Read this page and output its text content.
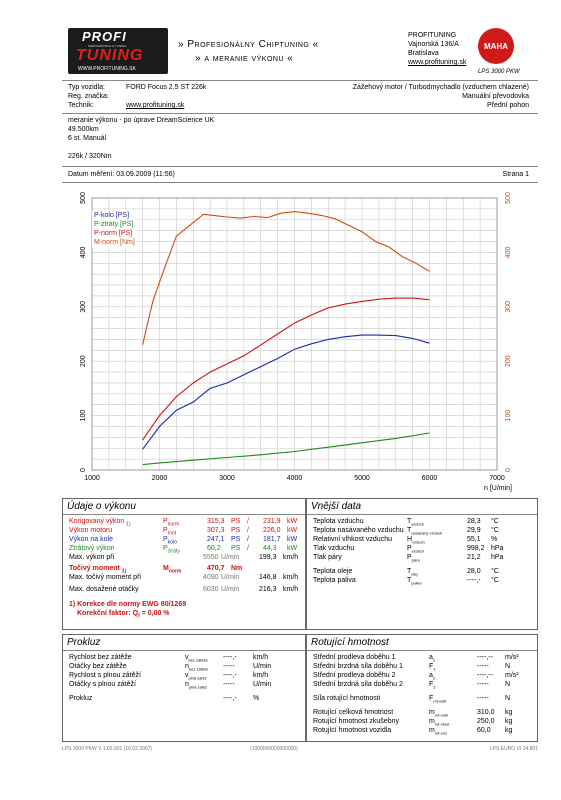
PROFI
PERFORMANCE & TUNING
TUNING
WWW.PROFITUNING.SK
» Profesionálny Chiptuning «
» a meranie výkonu «
PROFITUNING
Vajnorská 136/A
Bratislava
www.profituning.sk
MAHA
LPS 3000 PKW
Typ vozidla:	FORD Focus 2.5 ST 226k
Reg. značka:
Technik:	www.profituning.sk
Zážehový motor / Turbodmychadlo (vzduchem chlazené)
Manuální převodovka
Přední pohon
meranie výkonu - po úprave DreamScience UK
49.500km
6 st. Manuál
226k / 320Nm
Datum měření: 03.09.2009 (11:56)	Strana 1
1000	2000	3000	4000	5000	6000	7000
0
100
200
300
400
500
0
100
200
300
400
500
P-kolo [PS]
P-ztráty [PS]
P-norm [PS]
M-norm [Nm]
n [U/min]
Údaje o výkonu
Korigovaný výkon $_{1)}$	$P_{norm}$	315,3 PS / 231,9 kW
Výkon motoru	$P_{mot}$	307,3 PS / 226,0 kW
Výkon na kole	$P_{kolo}$	247,1 PS / 181,7 kW
Ztrátový výkon	$P_{ztráty}$	60,2 PS / 44,3 kW
Max. výkon při	5550 U/min	199,3 km/h
Točivý moment $_{1)}$	$M_{norm}$	470,7 Nm
Max. točivý moment při	4090 U/min	146,8 km/h
Max. dosažené otáčky	6030 U/min	216,3 km/h
1) Korekce dle normy EWG 80/1269
Korekční faktor: $Q_f = 0,00$ %
Vnější data
Teplota vzduchu	$T_{vzduch}$	28,3 °C
Teplota nasávaného vzduchu $T_{nasávaný vzduch}$	29,9 °C
Relativní vlhkost vzduchu $H_{vzduch}$	55,1 %
Tlak vzduchu	$P_{vzduch}$	998,2 hPa
Tlak páry	$P_{pára}$	21,2 hPa
Teplota oleje	$T_{olej}$	28,0 °C
Teplota paliva	$T_{palivo}$	----,- °C
Prokluz
Rychlost bez zátěže	$v_{bez zátěže}$ ----,- km/h
Otáčky bez zátěže	$n_{bez zátěže}$ -----	U/min
Rychlost s plnou zátěží	$v_{plná zátěž}$ ----,- km/h
Otáčky s plnou zátěží	$n_{plná zátěž}$ -----	U/min
Prokluz	----,- %
Rotující hmotnost
Střední prodleva doběhu 1	$a_1$	----,-- m/s²
Střední brzdná síla doběhu 1	$F_1$	----- N
Střední prodleva doběhu 2	$a_2$	----,-- m/s²
Střední brzdná síla doběhu 2	$F_2$	----- N
Síla rotující hmotnosti	$F_{rot-celk}$	----- N
Rotující celková hmotnost	$m_{rot-celk}$	310,0 kg
Rotující hmotnost zkušebny	$m_{rot-zkuš}$	250,0 kg
Rotující hmotnost vozidla	$m_{rot-voz}$	60,0 kg
LPS 3000 PKW V 1.03.001 (16.02.2007)	(1000000000000000)	LPS EURO VI 24.801
